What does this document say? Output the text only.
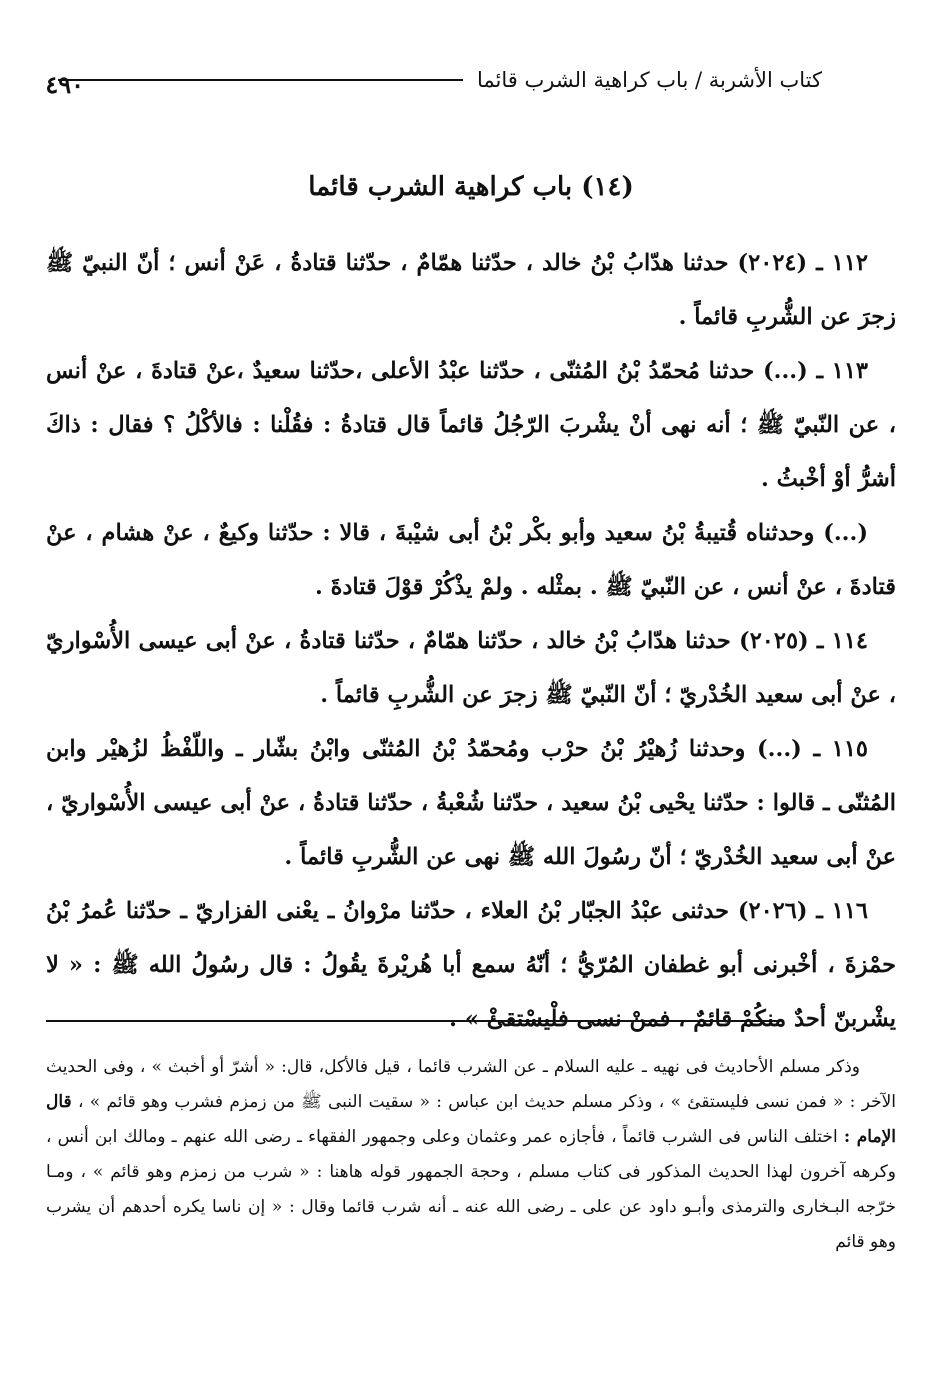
كتاب الأشربة / باب كراهية الشرب قائما
٤٩٠
(١٤) باب كراهية الشرب قائما

١١٢ ـ (٢٠٢٤) حدثنا هدّابُ بْنُ خالد ، حدّثنا همّامٌ ، حدّثنا قتادةُ ، عَنْ أنس ؛ أنّ النبيّ ﷺ زجرَ عن الشُّربِ قائماً .

١١٣ ـ (...) حدثنا مُحمّدُ بْنُ المُثنّى ، حدّثنا عبْدُ الأعلى ،حدّثنا سعيدٌ ،عنْ قتادةَ ، عنْ أنس ، عن النّبيّ ﷺ ؛ أنه نهى أنْ يشْربَ الرّجُلُ قائماً قال قتادةُ : فقُلْنا : فالأكْلُ ؟ فقال : ذاكَ أشرُّ أوْ أخْبثُ .

(...) وحدثناه قُتيبةُ بْنُ سعيد وأبو بكْر بْنُ أبى شيْبةَ ، قالا : حدّثنا وكيعٌ ، عنْ هشام ، عنْ قتادةَ ، عنْ أنس ، عن النّبيّ ﷺ . بمثْله . ولمْ يذْكُرْ قوْلَ قتادةَ .

١١٤ ـ (٢٠٢٥) حدثنا هدّابُ بْنُ خالد ، حدّثنا همّامٌ ، حدّثنا قتادةُ ، عنْ أبى عيسى الأُسْواريّ ، عنْ أبى سعيد الخُدْريّ ؛ أنّ النّبيّ ﷺ زجرَ عن الشُّربِ قائماً .

١١٥ ـ (...) وحدثنا زُهيْرُ بْنُ حرْب ومُحمّدُ بْنُ المُثنّى وابْنُ بشّار ـ واللّفْظُ لزُهيْر وابن المُثنّى ـ قالوا : حدّثنا يحْيى بْنُ سعيد ، حدّثنا شُعْبةُ ، حدّثنا قتادةُ ، عنْ أبى عيسى الأُسْواريّ ، عنْ أبى سعيد الخُدْريّ ؛ أنّ رسُولَ الله ﷺ نهى عن الشُّربِ قائماً .

١١٦ ـ (٢٠٢٦) حدثنى عبْدُ الجبّار بْنُ العلاء ، حدّثنا مرْوانُ ـ يعْنى الفزاريّ ـ حدّثنا عُمرُ بْنُ حمْزةَ ، أخْبرنى أبو غطفان المُرّيُّ ؛ أنّهُ سمع أبا هُريْرةَ يقُولُ : قال رسُولُ الله ﷺ : « لا يشْربنّ أحدٌ منكُمْ قائمٌ ، فمنْ نسى فلْيسْتقئْ » .

وذكر مسلم الأحاديث فى نهيه ـ عليه السلام ـ عن الشرب قائما ، قيل فالأكل، قال: « أشرّ أو أخبث » ، وفى الحديث الآخر : « فمن نسى فليستقئ » ، وذكر مسلم حديث ابن عباس : « سقيت النبى ﷺ من زمزم فشرب وهو قائم » ، قال الإمام : اختلف الناس فى الشرب قائماً ، فأجازه عمر وعثمان وعلى وجمهور الفقهاء ـ رضى الله عنهم ـ ومالك ابن أنس ، وكرهه آخرون لهذا الحديث المذكور فى كتاب مسلم ، وحجة الجمهور قوله هاهنا : « شرب من زمزم وهو قائم » ، ومـا خرّجه البـخارى والترمذى وأبـو داود عن على ـ رضى الله عنه ـ أنه شرب قائما وقال : « إن ناسا يكره أحدهم أن يشرب وهو قائم
